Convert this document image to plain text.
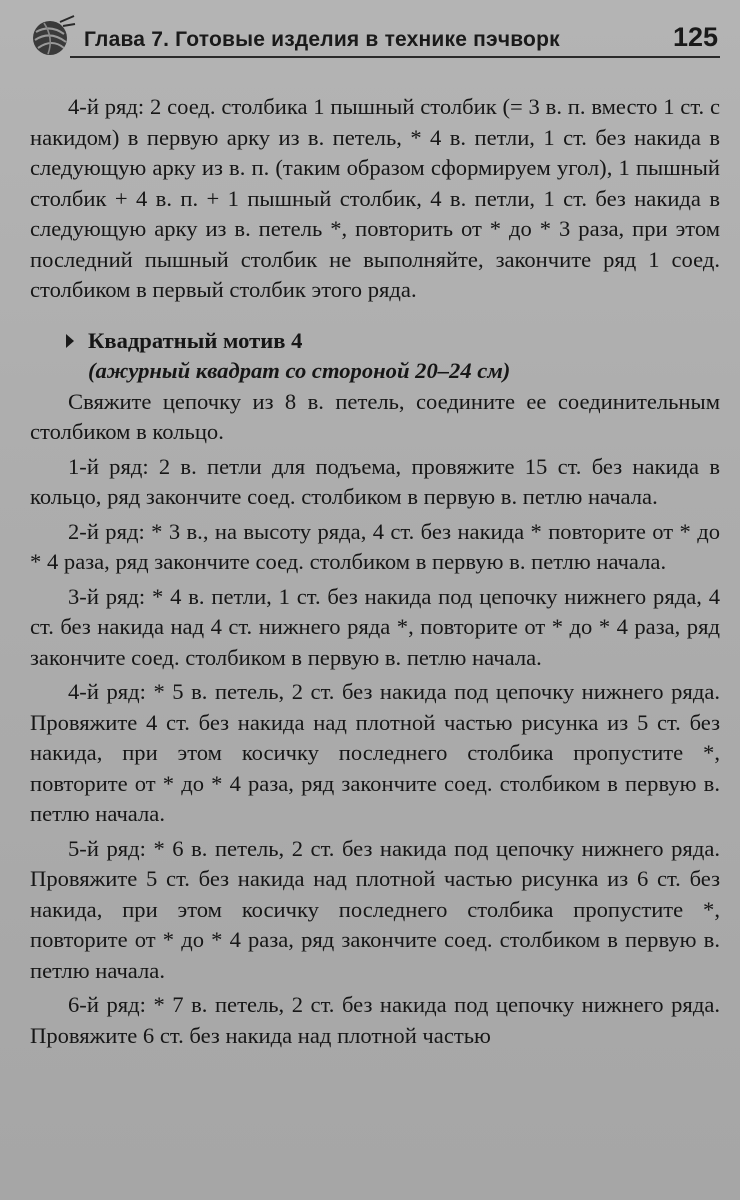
Глава 7. Готовые изделия в технике пэчворк	125

4-й ряд: 2 соед. столбика 1 пышный столбик (= 3 в. п. вместо 1 ст. с накидом) в первую арку из в. петель, * 4 в. петли, 1 ст. без накида в следующую арку из в. п. (таким образом сформируем угол), 1 пышный столбик + 4 в. п. + 1 пышный столбик, 4 в. петли, 1 ст. без накида в следующую арку из в. петель *, повторить от * до * 3 раза, при этом последний пышный столбик не выполняйте, закончите ряд 1 соед. столбиком в первый столбик этого ряда.

Квадратный мотив 4
(ажурный квадрат со стороной 20–24 см)

Свяжите цепочку из 8 в. петель, соедините ее соединительным столбиком в кольцо.

1-й ряд: 2 в. петли для подъема, провяжите 15 ст. без накида в кольцо, ряд закончите соед. столбиком в первую в. петлю начала.

2-й ряд: * 3 в., на высоту ряда, 4 ст. без накида * повторите от * до * 4 раза, ряд закончите соед. столбиком в первую в. петлю начала.

3-й ряд: * 4 в. петли, 1 ст. без накида под цепочку нижнего ряда, 4 ст. без накида над 4 ст. нижнего ряда *, повторите от * до * 4 раза, ряд закончите соед. столбиком в первую в. петлю начала.

4-й ряд: * 5 в. петель, 2 ст. без накида под цепочку нижнего ряда. Провяжите 4 ст. без накида над плотной частью рисунка из 5 ст. без накида, при этом косичку последнего столбика пропустите *, повторите от * до * 4 раза, ряд закончите соед. столбиком в первую в. петлю начала.

5-й ряд: * 6 в. петель, 2 ст. без накида под цепочку нижнего ряда. Провяжите 5 ст. без накида над плотной частью рисунка из 6 ст. без накида, при этом косичку последнего столбика пропустите *, повторите от * до * 4 раза, ряд закончите соед. столбиком в первую в. петлю начала.

6-й ряд: * 7 в. петель, 2 ст. без накида под цепочку нижнего ряда. Провяжите 6 ст. без накида над плотной частью
